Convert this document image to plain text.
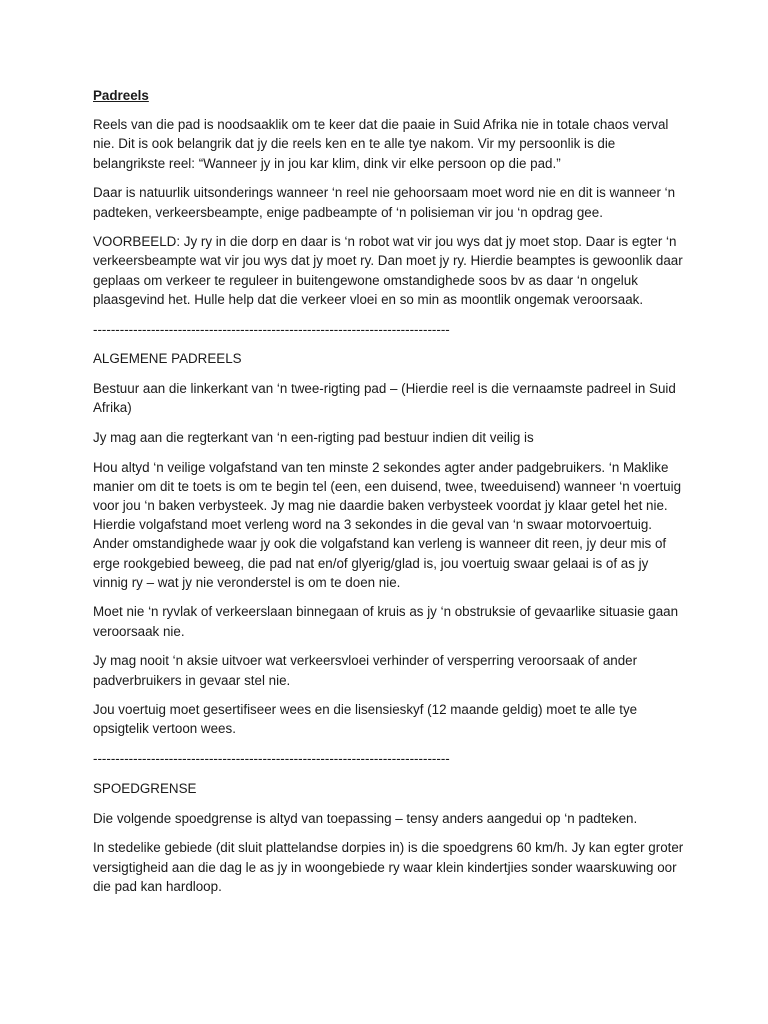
Padreels

Reels van die pad is noodsaaklik om te keer dat die paaie in Suid Afrika nie in totale chaos verval nie. Dit is ook belangrik dat jy die reels ken en te alle tye nakom. Vir my persoonlik is die belangrikste reel: “Wanneer jy in jou kar klim, dink vir elke persoon op die pad.”

Daar is natuurlik uitsonderings wanneer ‘n reel nie gehoorsaam moet word nie en dit is wanneer ‘n padteken, verkeersbeampte, enige padbeampte of ‘n polisieman vir jou ‘n opdrag gee.

VOORBEELD: Jy ry in die dorp en daar is ‘n robot wat vir jou wys dat jy moet stop. Daar is egter ‘n verkeersbeampte wat vir jou wys dat jy moet ry. Dan moet jy ry. Hierdie beamptes is gewoonlik daar geplaas om verkeer te reguleer in buitengewone omstandighede soos bv as daar ‘n ongeluk plaasgevind het. Hulle help dat die verkeer vloei en so min as moontlik ongemak veroorsaak.

--------------------------------------------------------------------------------

ALGEMENE PADREELS

Bestuur aan die linkerkant van ‘n twee-rigting pad – (Hierdie reel is die vernaamste padreel in Suid Afrika)

Jy mag aan die regterkant van ‘n een-rigting pad bestuur indien dit veilig is

Hou altyd ‘n veilige volgafstand van ten minste 2 sekondes agter ander padgebruikers. ‘n Maklike manier om dit te toets is om te begin tel (een, een duisend, twee, tweeduisend) wanneer ‘n voertuig voor jou ‘n baken verbysteek. Jy mag nie daardie baken verbysteek voordat jy klaar getel het nie. Hierdie volgafstand moet verleng word na 3 sekondes in die geval van ‘n swaar motorvoertuig. Ander omstandighede waar jy ook die volgafstand kan verleng is wanneer dit reen, jy deur mis of erge rookgebied beweeg, die pad nat en/of glyerig/glad is, jou voertuig swaar gelaai is of as jy vinnig ry – wat jy nie veronderstel is om te doen nie.

Moet nie ‘n ryvlak of verkeerslaan binnegaan of kruis as jy ‘n obstruksie of gevaarlike situasie gaan veroorsaak nie.

Jy mag nooit ‘n aksie uitvoer wat verkeersvloei verhinder of versperring veroorsaak of ander padverbruikers in gevaar stel nie.

Jou voertuig moet gesertifiseer wees en die lisensieskyf (12 maande geldig) moet te alle tye opsigtelik vertoon wees.

--------------------------------------------------------------------------------

SPOEDGRENSE

Die volgende spoedgrense is altyd van toepassing – tensy anders aangedui op ‘n padteken.

In stedelike gebiede (dit sluit plattelandse dorpies in) is die spoedgrens 60 km/h. Jy kan egter groter versigtigheid aan die dag le as jy in woongebiede ry waar klein kindertjies sonder waarskuwing oor die pad kan hardloop.
